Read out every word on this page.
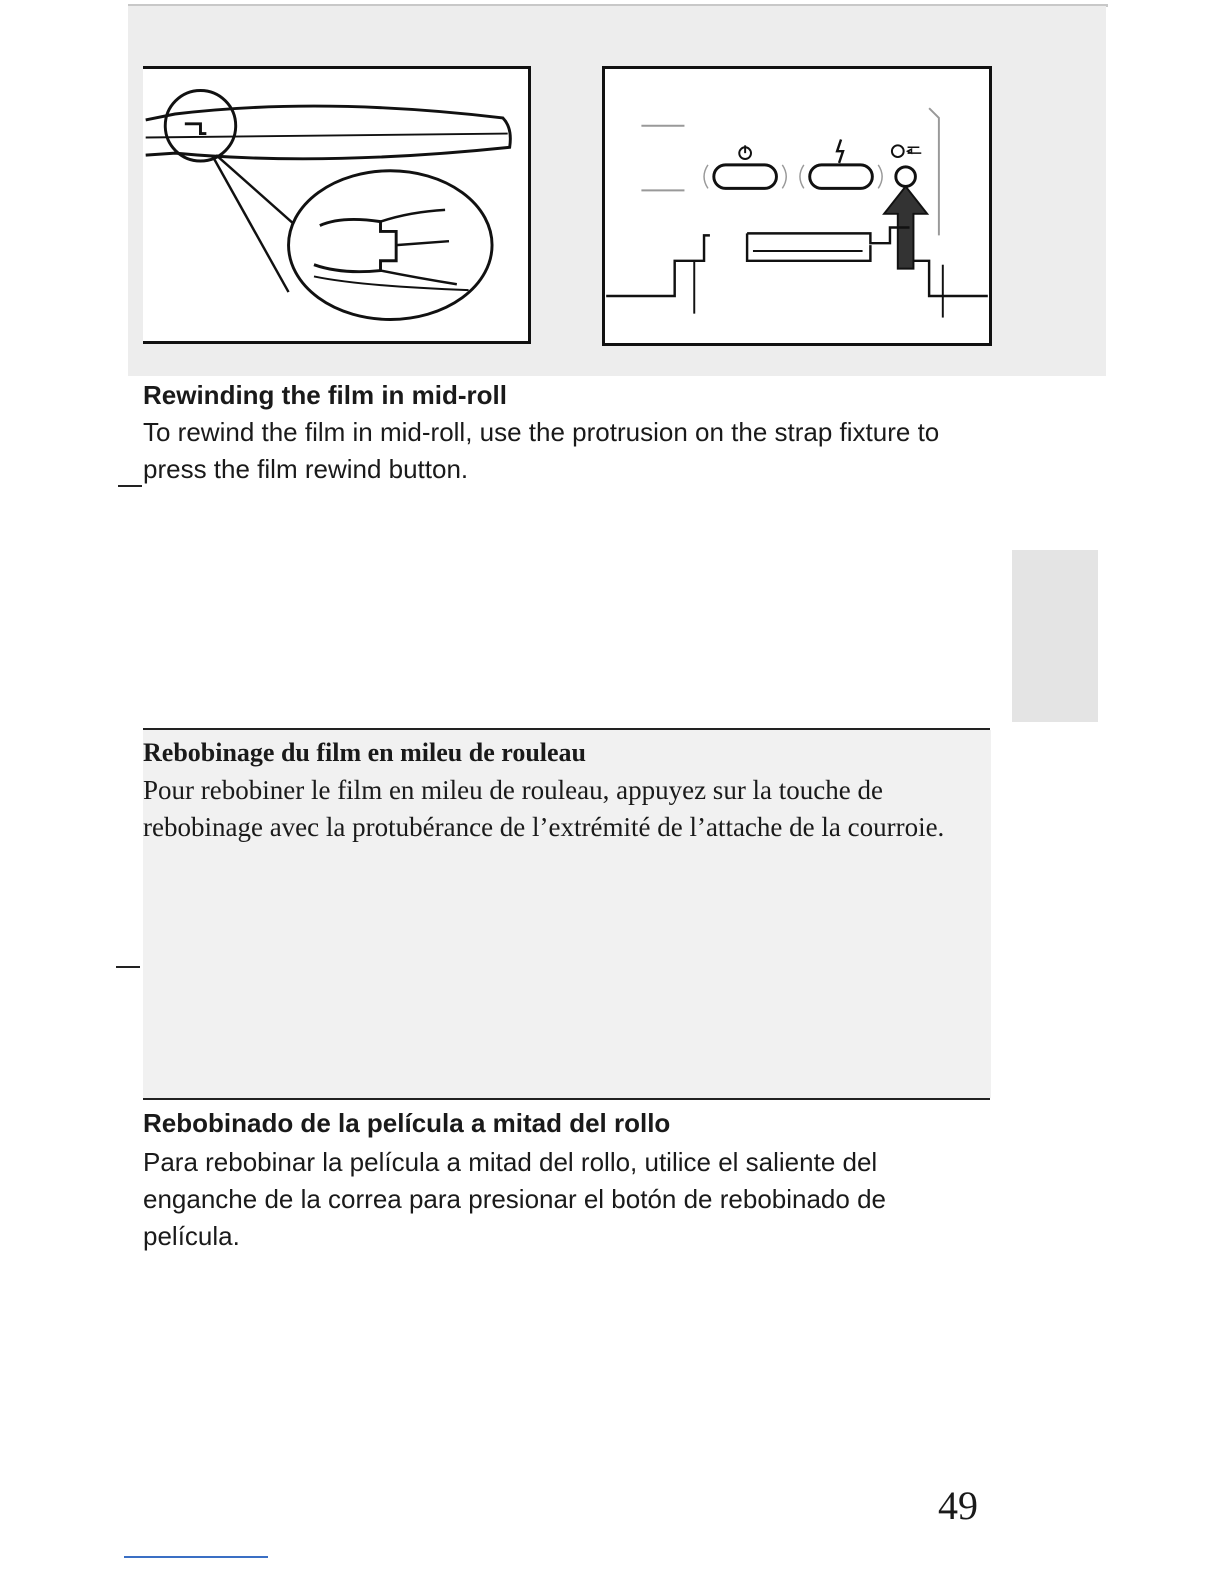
Rewinding the film in mid-roll

To rewind the film in mid-roll, use the protrusion on the strap fixture to press the film rewind button.

Rebobinage du film en mileu de rouleau

Pour rebobiner le film en mileu de rouleau, appuyez sur la touche de rebobinage avec la protubérance de l’extrémité de l’attache de la courroie.

Rebobinado de la película a mitad del rollo

Para rebobinar la película a mitad del rollo, utilice el saliente del enganche de la correa para presionar el botón de rebobinado de película.

49
